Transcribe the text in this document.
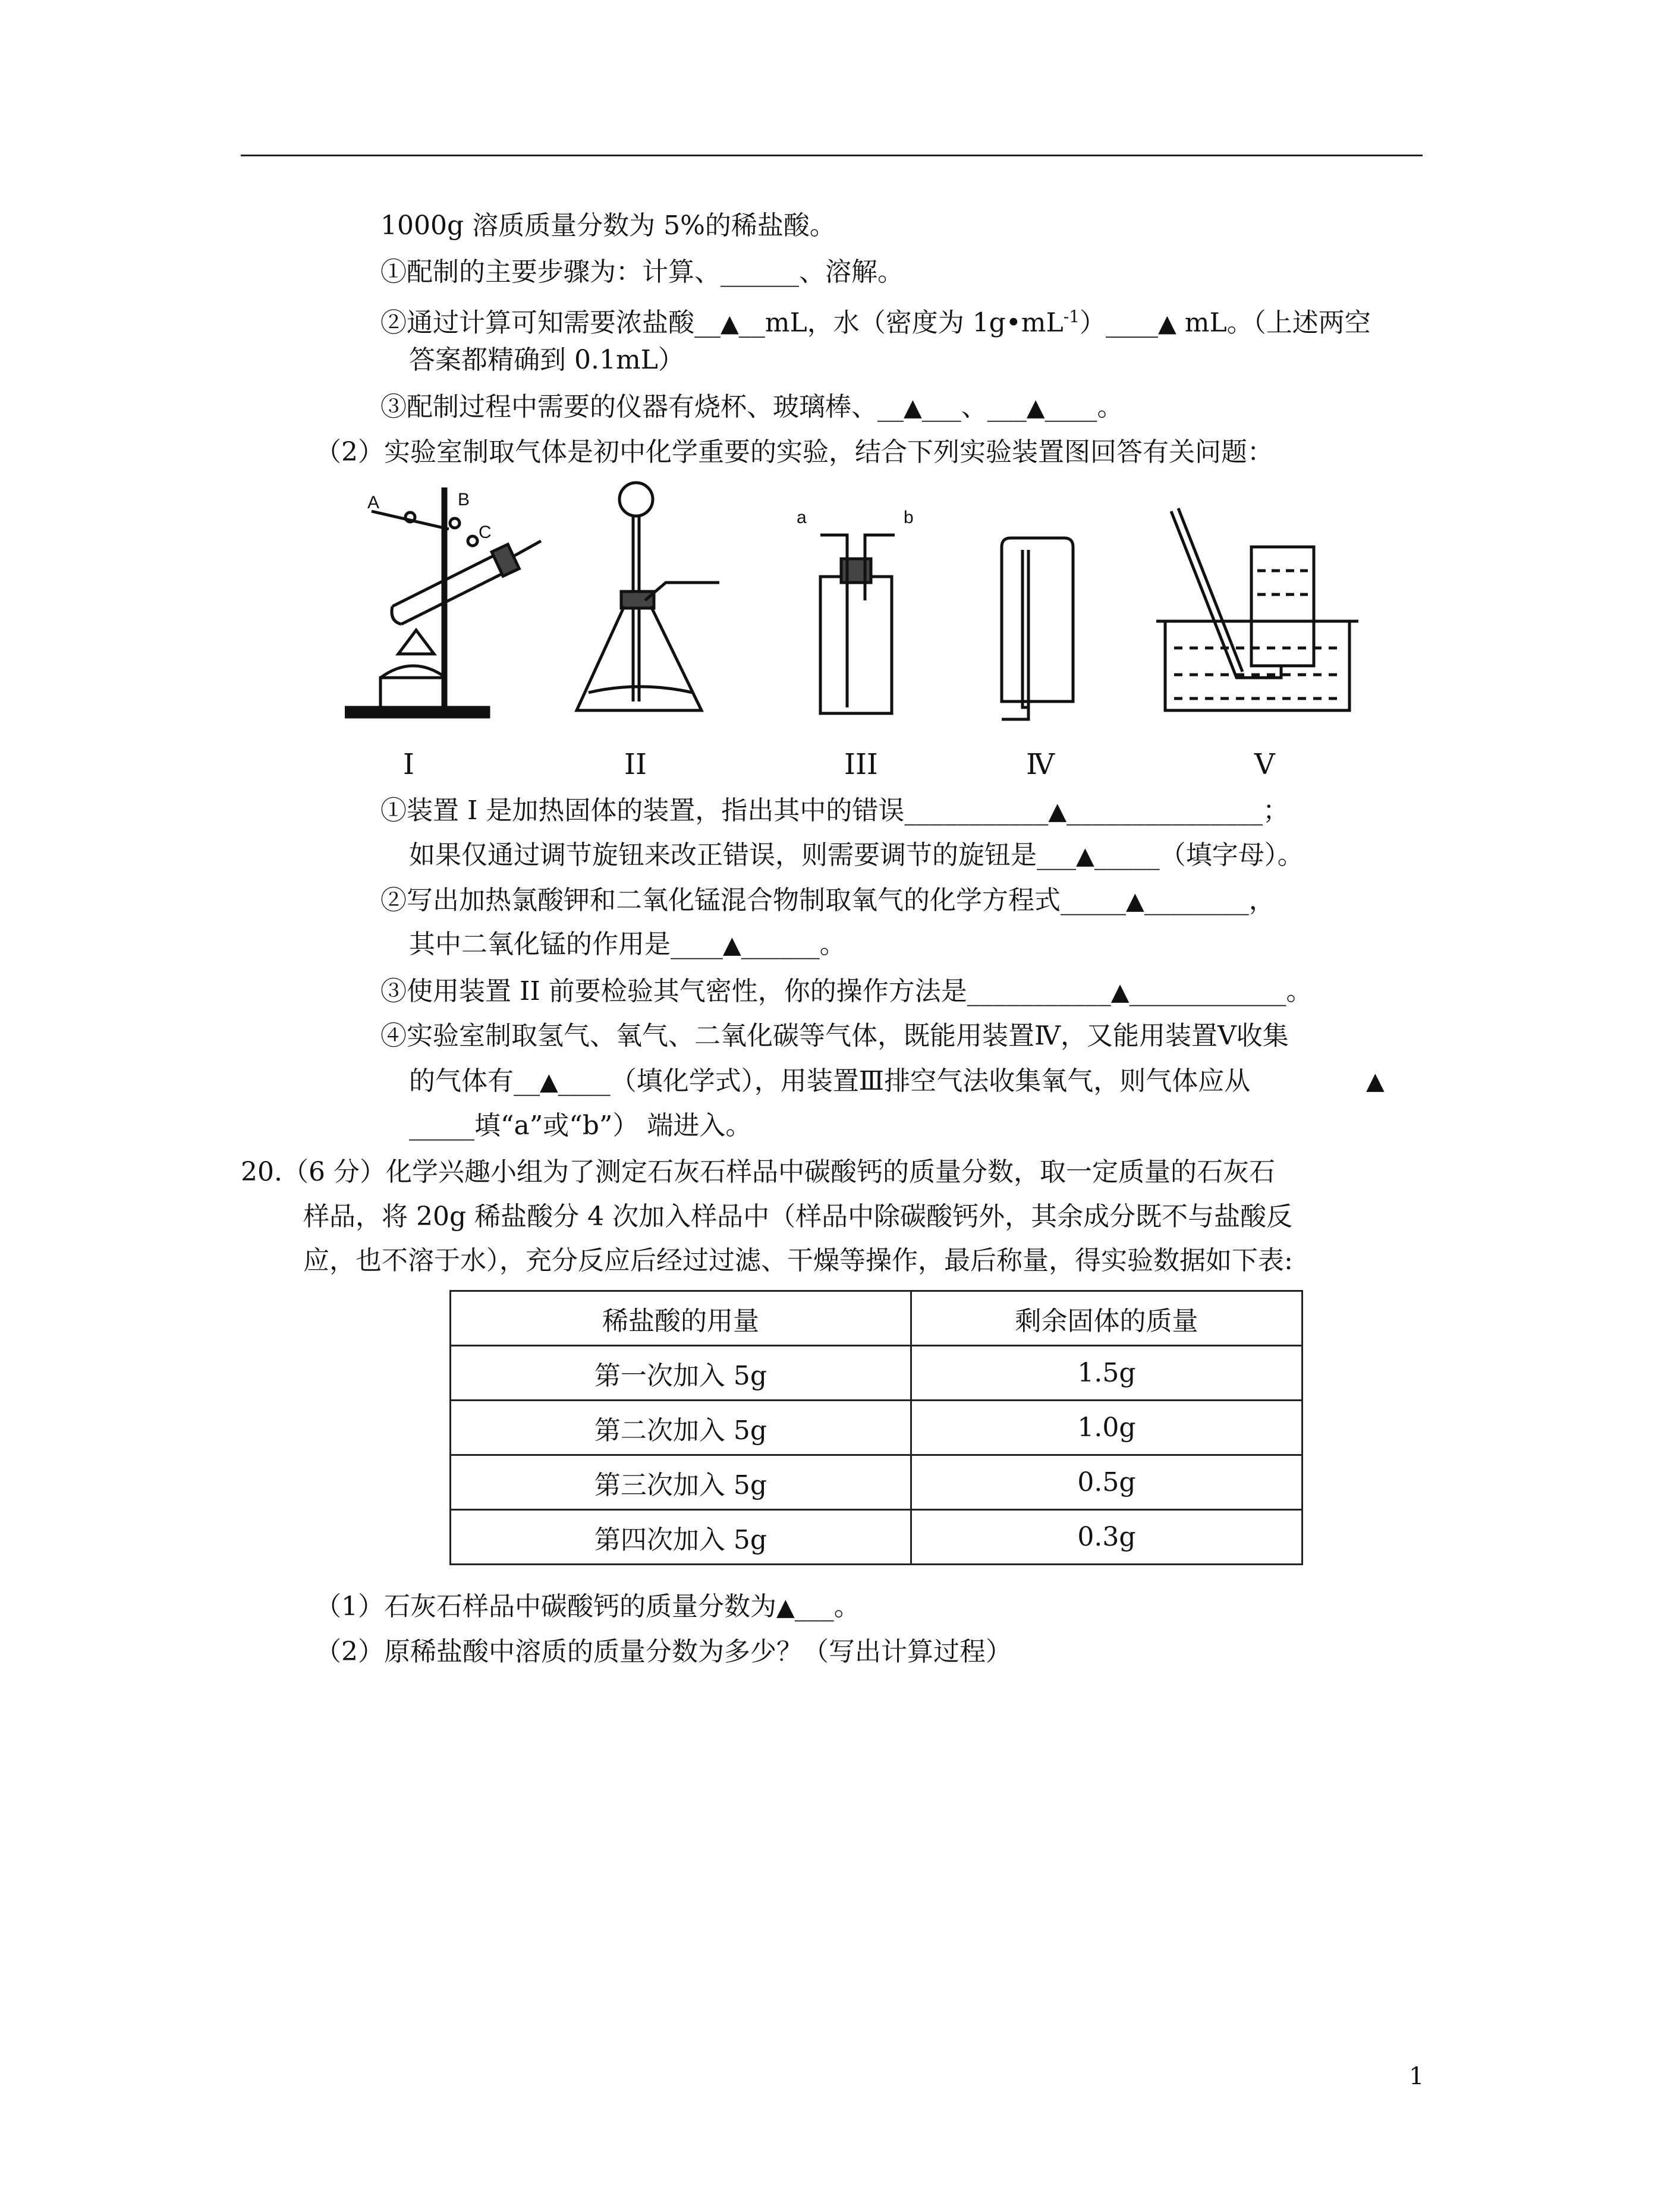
1000g 溶质质量分数为 5%的稀盐酸。
①配制的主要步骤为：计算、______、溶解。
②通过计算可知需要浓盐酸__▲__mL，水（密度为 $1g•mL^{-1})\_\_\_\_▲$ mL。（上述两空
答案都精确到 0.1mL）
③配制过程中需要的仪器有烧杯、玻璃棒、__▲___、___▲____。
（2）实验室制取气体是初中化学重要的实验，结合下列实验装置图回答有关问题：
A	B
C
a	b
I	II	III	Ⅳ	V
①装置 I 是加热固体的装置，指出其中的错误___________▲_______________；
如果仅通过调节旋钮来改正错误，则需要调节的旋钮是___▲_____（填字母）。
②写出加热氯酸钾和二氧化锰混合物制取氧气的化学方程式_____▲________，
其中二氧化锰的作用是____▲______。
③使用装置 II 前要检验其气密性，你的操作方法是___________▲____________。
④实验室制取氢气、氧气、二氧化碳等气体，既能用装置Ⅳ，又能用装置Ⅴ收集
的气体有__▲____（填化学式），用装置Ⅲ排空气法收集氧气，则气体应从	▲
_____填“a”或“b”） 端进入。
20.（6 分）化学兴趣小组为了测定石灰石样品中碳酸钙的质量分数，取一定质量的石灰石
样品，将 20g 稀盐酸分 4 次加入样品中（样品中除碳酸钙外，其余成分既不与盐酸反
应，也不溶于水），充分反应后经过过滤、干燥等操作，最后称量，得实验数据如下表:
稀盐酸的用量	剩余固体的质量
第一次加入 5g	1.5g
第二次加入 5g	1.0g
第三次加入 5g	0.5g
第四次加入 5g	0.3g
（1）石灰石样品中碳酸钙的质量分数为▲___。
（2）原稀盐酸中溶质的质量分数为多少？（写出计算过程）
1
